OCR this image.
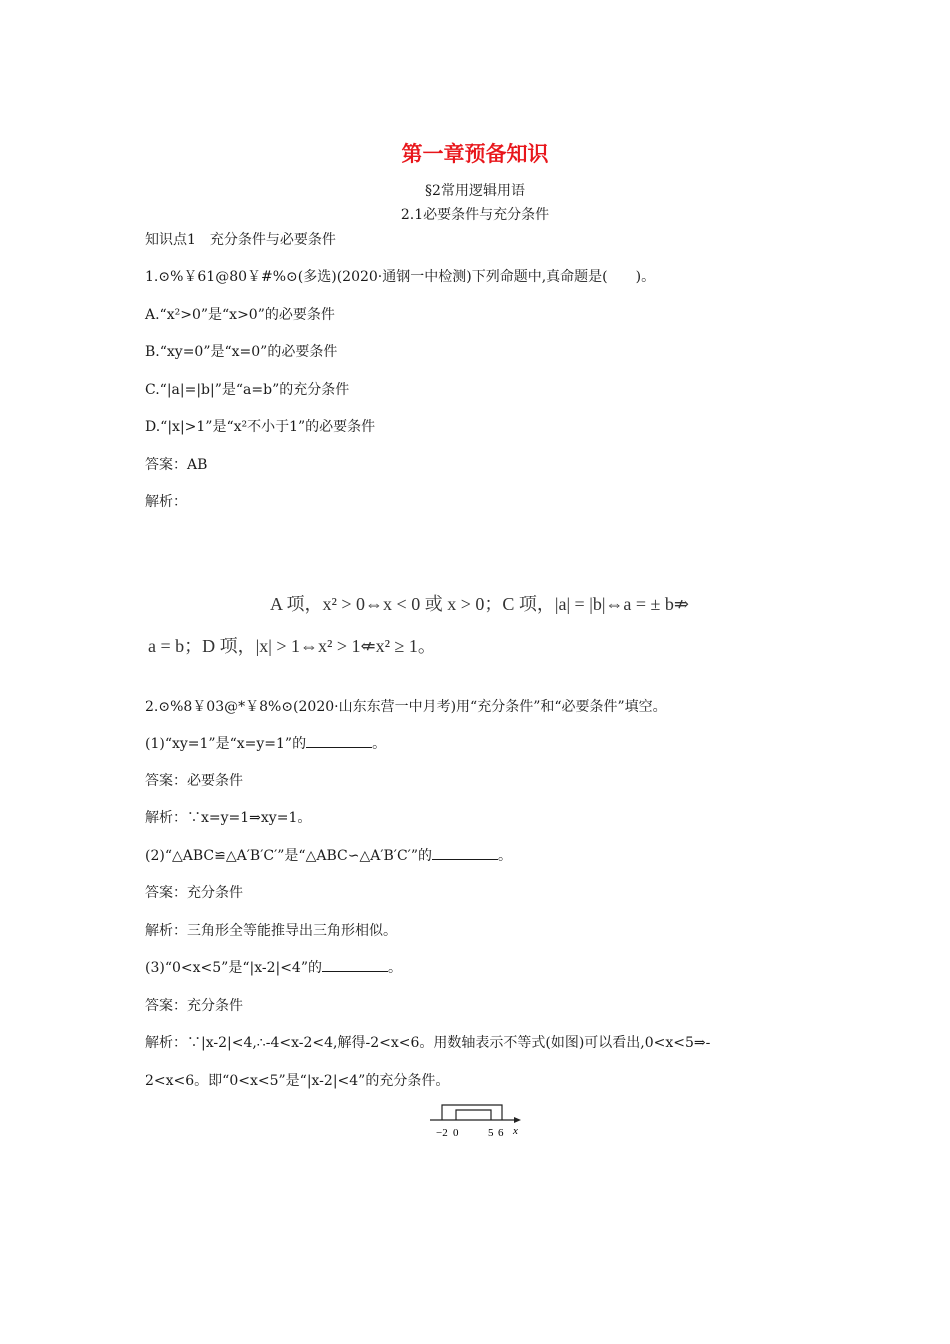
第一章预备知识
§2常用逻辑用语
2.1必要条件与充分条件
知识点1　充分条件与必要条件
1.⊙%￥61@80￥#%⊙(多选)(2020·通钢一中检测)下列命题中,真命题是(　　)。
A.“x²>0”是“x>0”的必要条件
B.“xy=0”是“x=0”的必要条件
C.“|a|=|b|”是“a=b”的充分条件
D.“|x|>1”是“x²不小于1”的必要条件
答案：AB
解析：
A 项，x² > 0⇔x < 0 或 x > 0；C 项，|a| = |b|⇔a = ± b⇏
a = b；D 项，|x| > 1⇔x² > 1⇍x² ≥ 1。
2.⊙%8￥03@*￥8%⊙(2020·山东东营一中月考)用“充分条件”和“必要条件”填空。
(1)“xy=1”是“x=y=1”的	。
答案：必要条件
解析：∵x=y=1⇒xy=1。
(2)“△ABC≌△A′B′C′”是“△ABC∽△A′B′C′”的	。
答案：充分条件
解析：三角形全等能推导出三角形相似。
(3)“0<x<5”是“|x-2|<4”的	。
答案：充分条件
解析：∵|x-2|<4,∴-4<x-2<4,解得-2<x<6。用数轴表示不等式(如图)可以看出,0<x<5⇒-
2<x<6。即“0<x<5”是“|x-2|<4”的充分条件。
−2 0	5 6 x
